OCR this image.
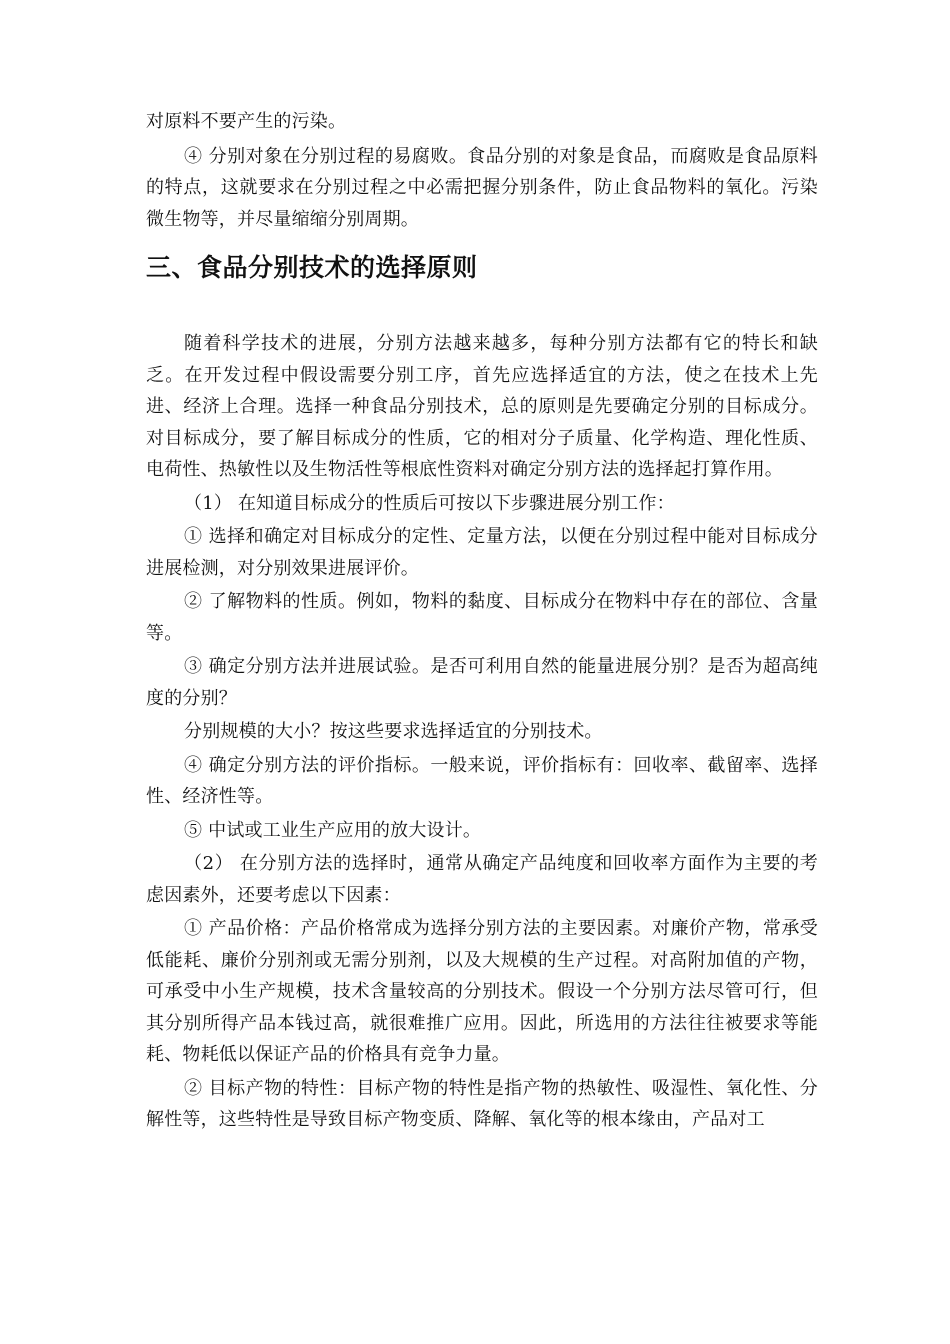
对原料不要产生的污染。

④ 分别对象在分别过程的易腐败。食品分别的对象是食品，而腐败是食品原料的特点，这就要求在分别过程之中必需把握分别条件，防止食品物料的氧化。污染微生物等，并尽量缩缩分别周期。

三、食品分别技术的选择原则

随着科学技术的进展，分别方法越来越多，每种分别方法都有它的特长和缺乏。在开发过程中假设需要分别工序，首先应选择适宜的方法，使之在技术上先进、经济上合理。选择一种食品分别技术，总的原则是先要确定分别的目标成分。对目标成分，要了解目标成分的性质，它的相对分子质量、化学构造、理化性质、电荷性、热敏性以及生物活性等根底性资料对确定分别方法的选择起打算作用。

（1） 在知道目标成分的性质后可按以下步骤进展分别工作：

① 选择和确定对目标成分的定性、定量方法，以便在分别过程中能对目标成分进展检测，对分别效果进展评价。

② 了解物料的性质。例如，物料的黏度、目标成分在物料中存在的部位、含量等。

③ 确定分别方法并进展试验。是否可利用自然的能量进展分别？是否为超高纯度的分别？

分别规模的大小？按这些要求选择适宜的分别技术。

④ 确定分别方法的评价指标。一般来说，评价指标有：回收率、截留率、选择性、经济性等。

⑤ 中试或工业生产应用的放大设计。

（2） 在分别方法的选择时，通常从确定产品纯度和回收率方面作为主要的考虑因素外，还要考虑以下因素：

① 产品价格：产品价格常成为选择分别方法的主要因素。对廉价产物，常承受低能耗、廉价分别剂或无需分别剂，以及大规模的生产过程。对高附加值的产物，可承受中小生产规模，技术含量较高的分别技术。假设一个分别方法尽管可行，但其分别所得产品本钱过高，就很难推广应用。因此，所选用的方法往往被要求等能耗、物耗低以保证产品的价格具有竞争力量。

② 目标产物的特性：目标产物的特性是指产物的热敏性、吸湿性、氧化性、分解性等，这些特性是导致目标产物变质、降解、氧化等的根本缘由，产品对工
